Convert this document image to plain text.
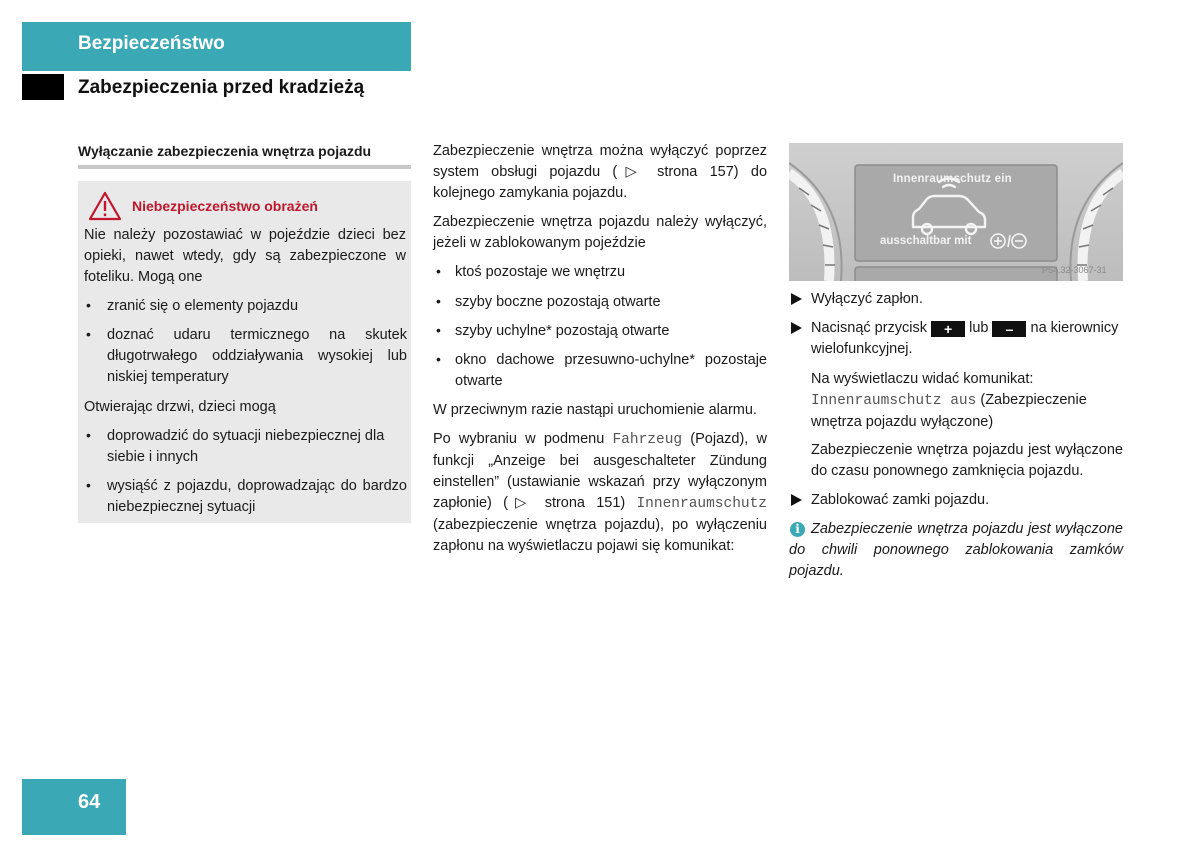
Bezpieczeństwo
Zabezpieczenia przed kradzieżą
Wyłączanie zabezpieczenia wnętrza pojazdu
Niebezpieczeństwo obrażeń
Nie należy pozostawiać w pojeździe dzieci bez opieki, nawet wtedy, gdy są zabezpieczone w foteliku. Mogą one
• zranić się o elementy pojazdu
• doznać udaru termicznego na skutek długotrwałego oddziaływania wysokiej lub niskiej temperatury
Otwierając drzwi, dzieci mogą
• doprowadzić do sytuacji niebezpiecznej dla siebie i innych
• wysiąść z pojazdu, doprowadzając do bardzo niebezpiecznej sytuacji
Zabezpieczenie wnętrza można wyłączyć poprzez system obsługi pojazdu (▷ strona 157) do kolejnego zamykania pojazdu.
Zabezpieczenie wnętrza pojazdu należy wyłączyć, jeżeli w zablokowanym pojeździe
• ktoś pozostaje we wnętrzu
• szyby boczne pozostają otwarte
• szyby uchylne* pozostają otwarte
• okno dachowe przesuwno-uchylne* pozostaje otwarte
W przeciwnym razie nastąpi uruchomienie alarmu.
Po wybraniu w podmenu Fahrzeug (Pojazd), w funkcji „Anzeige bei ausgeschalteter Zündung einstellen” (ustawianie wskazań przy wyłączonym zapłonie) (▷ strona 151) Innenraumschutz (zabezpieczenie wnętrza pojazdu), po wyłączeniu zapłonu na wyświetlaczu pojawi się komunikat:
Innenraumschutz ein
ausschaltbar mit
P54.32-3067-31
Wyłączyć zapłon.
Nacisnąć przycisk + lub – na kierownicy wielofunkcyjnej.
Na wyświetlaczu widać komunikat:
Innenraumschutz aus (Zabezpieczenie wnętrza pojazdu wyłączone)
Zabezpieczenie wnętrza pojazdu jest wyłączone do czasu ponownego zamknięcia pojazdu.
Zablokować zamki pojazdu.
i Zabezpieczenie wnętrza pojazdu jest wyłączone do chwili ponownego zablokowania zamków pojazdu.
64
